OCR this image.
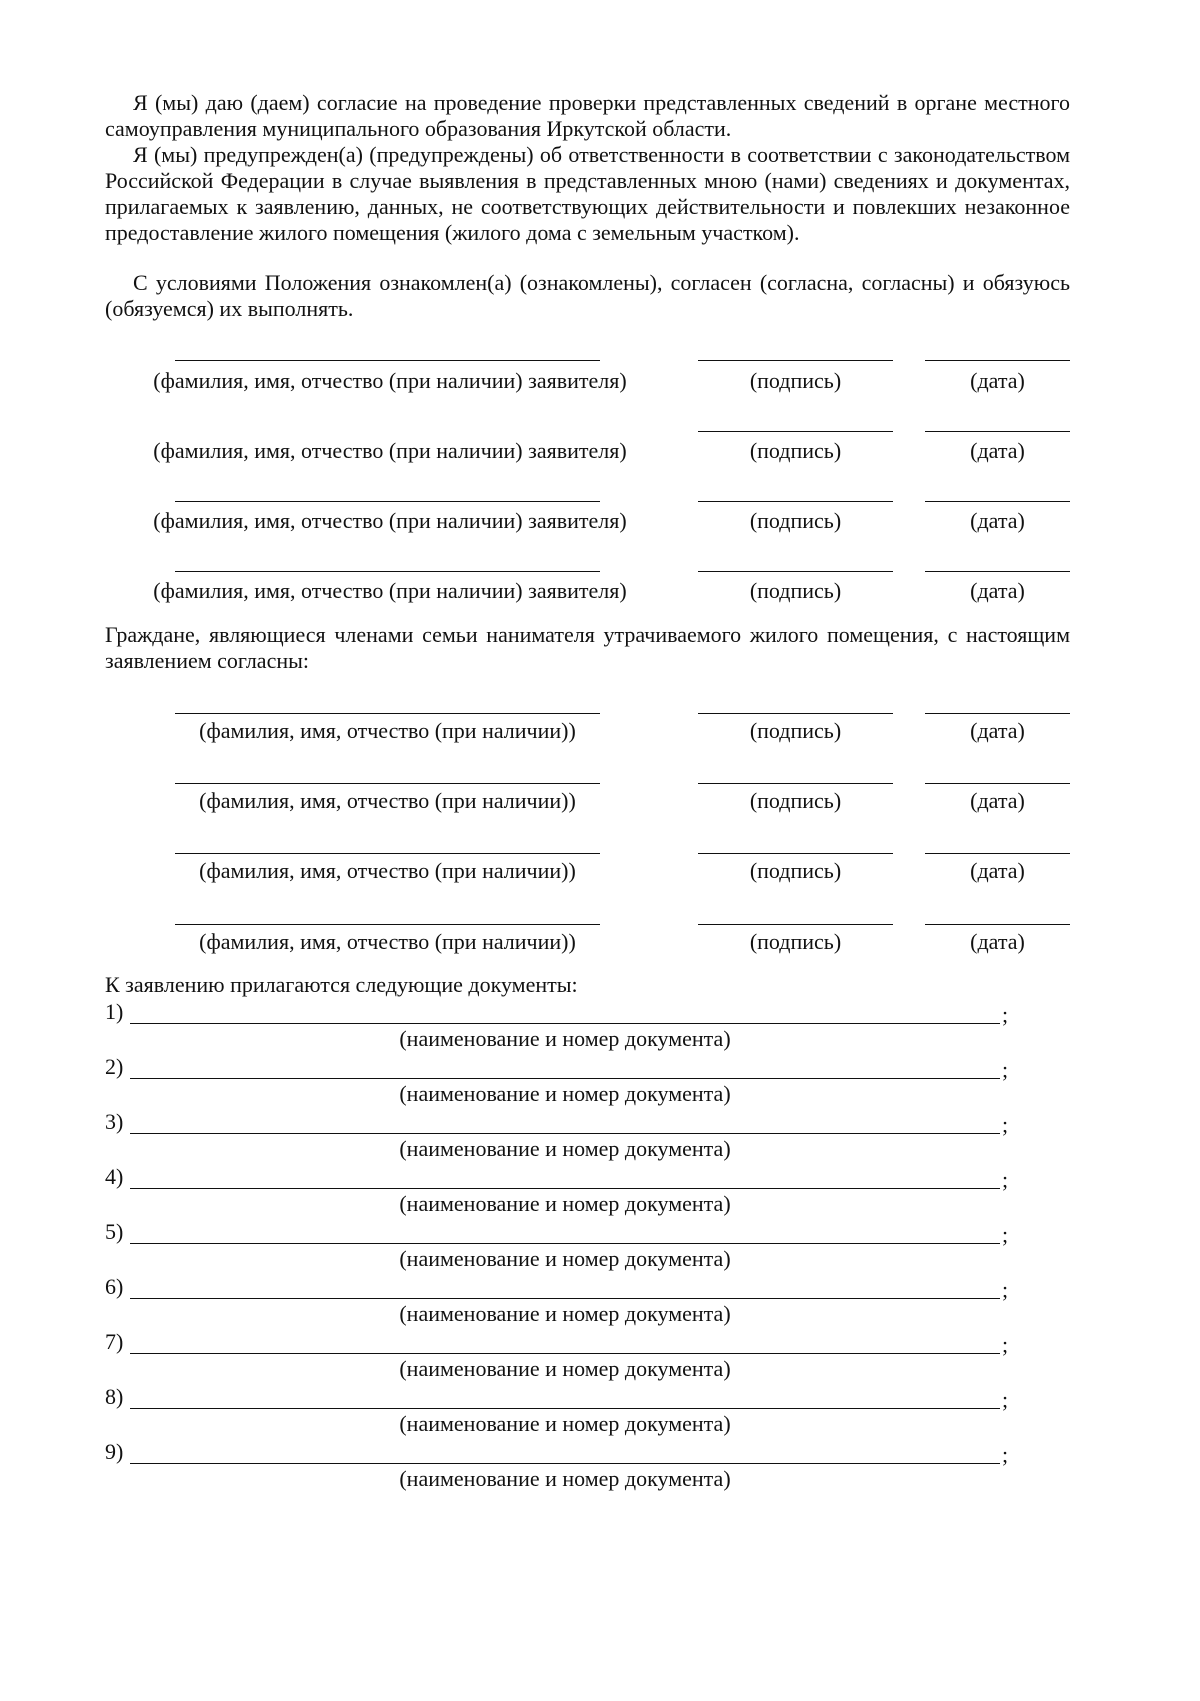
Я (мы) даю (даем) согласие на проведение проверки представленных сведений в органе местного самоуправления муниципального образования Иркутской области.

Я (мы) предупрежден(а) (предупреждены) об ответственности в соответствии с законодательством Российской Федерации в случае выявления в представленных мною (нами) сведениях и документах, прилагаемых к заявлению, данных, не соответствующих действительности и повлекших незаконное предоставление жилого помещения (жилого дома с земельным участком).

С условиями Положения ознакомлен(а) (ознакомлены), согласен (согласна, согласны) и обязуюсь (обязуемся) их выполнять.

(фамилия, имя, отчество (при наличии) заявителя)	(подпись)	(дата)
(фамилия, имя, отчество (при наличии) заявителя)	(подпись)	(дата)
(фамилия, имя, отчество (при наличии) заявителя)	(подпись)	(дата)
(фамилия, имя, отчество (при наличии) заявителя)	(подпись)	(дата)

Граждане, являющиеся членами семьи нанимателя утрачиваемого жилого помещения, с настоящим заявлением согласны:

(фамилия, имя, отчество (при наличии))	(подпись)	(дата)
(фамилия, имя, отчество (при наличии))	(подпись)	(дата)
(фамилия, имя, отчество (при наличии))	(подпись)	(дата)
(фамилия, имя, отчество (при наличии))	(подпись)	(дата)
К заявлению прилагаются следующие документы:
1)	;
(наименование и номер документа)
2)	;
(наименование и номер документа)
3)	;
(наименование и номер документа)
4)	;
(наименование и номер документа)
5)	;
(наименование и номер документа)
6)	;
(наименование и номер документа)
7)	;
(наименование и номер документа)
8)	;
(наименование и номер документа)
9)	;
(наименование и номер документа)
